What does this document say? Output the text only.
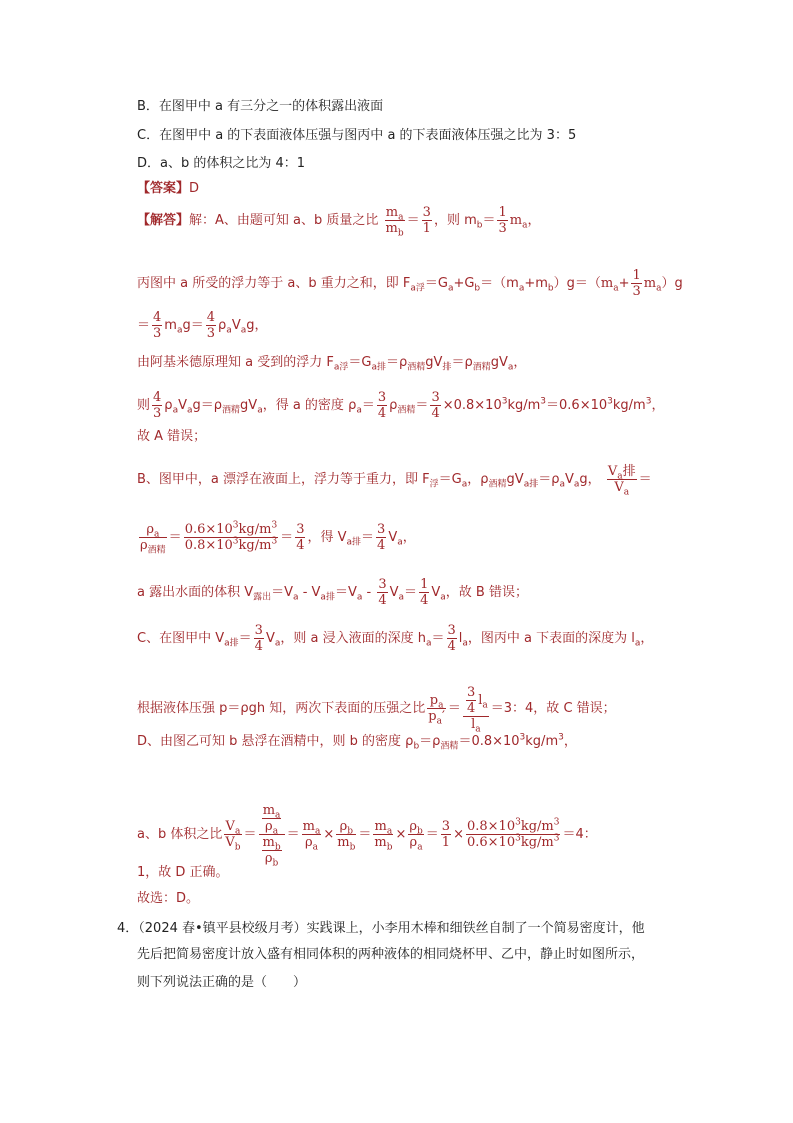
B．在图甲中 a 有三分之一的体积露出液面
C．在图甲中 a 的下表面液体压强与图丙中 a 的下表面液体压强之比为 3：5
D．a、b 的体积之比为 4：1
【答案】D
【解答】解：A、由题可知 a、b 质量之比 $\frac{m_a}{m_b} = \frac{3}{1}$ ，则 $m_b= \frac{1}{3} m_a$，
丙图中 a 所受的浮力等于 a、b 重力之和，即 $F_{a浮}=G_a+G_b=(m_a+m_b)g=(m_a+ \frac{1}{3} m_a)g$
＝ $\frac{4}{3} m_ag= \frac{4}{3} \rho_aV_ag$，
由阿基米德原理知 a 受到的浮力 $F_{a浮}=G_{a排}=\rho_{酒精}gV_排=\rho_{酒精}gV_a$，
则 $\frac{4}{3} \rho_aV_ag=\rho_{酒精}gV_a$，得 a 的密度 $\rho_a= \frac{3}{4} \rho_{酒精}= \frac{3}{4} \times 0.8\times 10^3kg/m^3=0.6\times 10^3kg/m^3$，
故 A 错误；
B、图甲中，a 漂浮在液面上，浮力等于重力，即 $F_浮=G_a$，$\rho_{酒精}gV_{a排}=\rho_aV_ag$， $\frac{V_a排}{V_a}$ ＝
$\frac{\rho_a}{\rho_{酒精}} = \frac{0.6\times 10^3kg/m^3}{0.8\times 10^3kg/m^3} = \frac{3}{4}$ ，得 $V_{a排}= \frac{3}{4} V_a$，
a 露出水面的体积 $V_{露出}=V_a - V_{a排}=V_a - \frac{3}{4} V_a= \frac{1}{4} V_a$，故 B 错误；
C、在图甲中 $V_{a排}= \frac{3}{4} V_a$，则 a 浸入液面的深度 $h_a= \frac{3}{4} l_a$，图丙中 a 下表面的深度为 $l_a$，
根据液体压强 p＝ρgh 知，两次下表面的压强之比 $\frac{p_a}{p_a'} = \frac{\frac{3}{4} l_a}{l_a} =3$：4，故 C 错误；
D、由图乙可知 b 悬浮在酒精中，则 b 的密度 $\rho_b=\rho_{酒精}=0.8\times 10^3kg/m^3$，
a、b 体积之比 $\frac{V_a}{V_b} = \frac{\frac{m_a}{\rho_a}}{\frac{m_b}{\rho_b}} = \frac{m_a}{\rho_a} \times \frac{\rho_b}{m_b} = \frac{m_a}{m_b} \times \frac{\rho_b}{\rho_a} = \frac{3}{1} \times \frac{0.8\times 10^3kg/m^3}{0.6\times 10^3kg/m^3} =4$：
1，故 D 正确。
故选：D。
4．（2024 春•镇平县校级月考）实践课上，小李用木棒和细铁丝自制了一个简易密度计，他
先后把简易密度计放入盛有相同体积的两种液体的相同烧杯甲、乙中，静止时如图所示，
则下列说法正确的是（　　）
